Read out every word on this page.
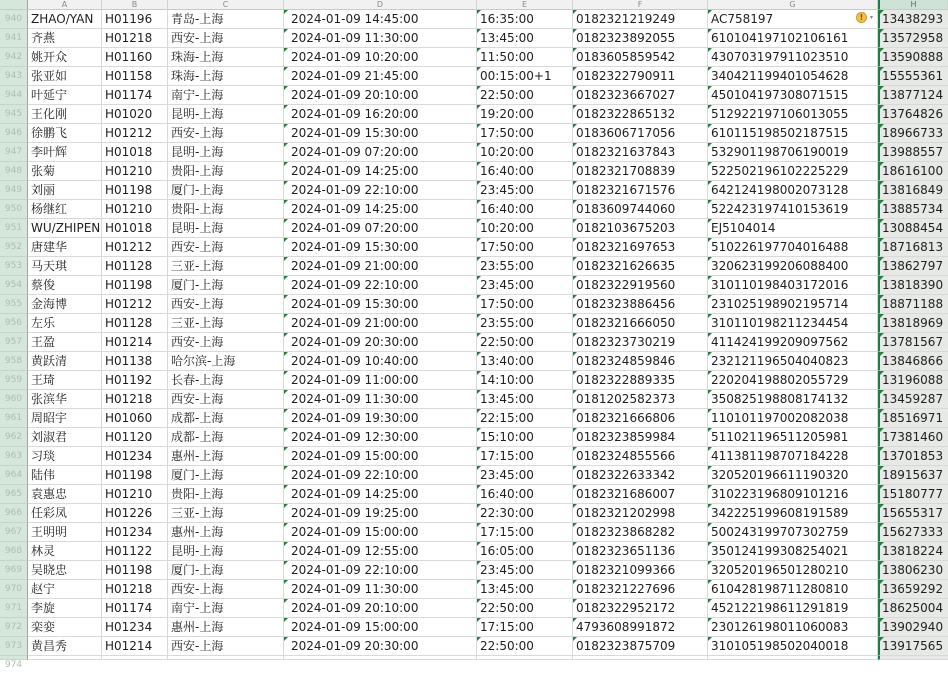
A	B	C	D	E	F	G	H
940 ZHAO/YAN H01196	青岛-上海	2024-01-09 14:45:00	16:35:00	0182321219249	AC758197	!	▾ 13438293
941 齐燕	H01218	西安-上海	2024-01-09 11:30:00	13:45:00	0182323892055	610104197102106161	13572958
942 姚开众	H01160	珠海-上海	2024-01-09 10:20:00	11:50:00	0183605859542	430703197911023510	13590888
943 张亚如	H01158	珠海-上海	2024-01-09 21:45:00	00:15:00+1	0182322790911	340421199401054628	15555361
944 叶延宁	H01174	南宁-上海	2024-01-09 20:10:00	22:50:00	0182323667027	450104197308071515	13877124
945 王化刚	H01020	昆明-上海	2024-01-09 16:20:00	19:20:00	0182322865132	512922197106013055	13764826
946 徐鹏飞	H01212	西安-上海	2024-01-09 15:30:00	17:50:00	0183606717056	610115198502187515	18966733
947 李叶辉	H01018	昆明-上海	2024-01-09 07:20:00	10:20:00	0182321637843	532901198706190019	13988557
948 张菊	H01210	贵阳-上海	2024-01-09 14:25:00	16:40:00	0182321708839	522502196102225229	18616100
949 刘丽	H01198	厦门-上海	2024-01-09 22:10:00	23:45:00	0182321671576	642124198002073128	13816849
950 杨继红	H01210	贵阳-上海	2024-01-09 14:25:00	16:40:00	0183609744060	522423197410153619	13885734
951 WU/ZHIPEN H01018	昆明-上海	2024-01-09 07:20:00	10:20:00	0182103675203	EJ5104014	13088454
952 唐建华	H01212	西安-上海	2024-01-09 15:30:00	17:50:00	0182321697653	510226197704016488	18716813
953 马天琪	H01128	三亚-上海	2024-01-09 21:00:00	23:55:00	0182321626635	320623199206088400	13862797
954 蔡俊	H01198	厦门-上海	2024-01-09 22:10:00	23:45:00	0182322919560	310110198403172016	13818390
955 金海博	H01212	西安-上海	2024-01-09 15:30:00	17:50:00	0182323886456	231025198902195714	18871188
956 左乐	H01128	三亚-上海	2024-01-09 21:00:00	23:55:00	0182321666050	310110198211234454	13818969
957 王盈	H01214	西安-上海	2024-01-09 20:30:00	22:50:00	0182323730219	411424199209097562	13781567
958 黄跃清	H01138	哈尔滨-上海	2024-01-09 10:40:00	13:40:00	0182324859846	232121196504040823	13846866
959 王琦	H01192	长春-上海	2024-01-09 11:00:00	14:10:00	0182322889335	220204198802055729	13196088
960 张滨华	H01218	西安-上海	2024-01-09 11:30:00	13:45:00	0181202582373	350825198808174132	13459287
961 周昭宇	H01060	成都-上海	2024-01-09 19:30:00	22:15:00	0182321666806	110101197002082038	18516971
962 刘淑君	H01120	成都-上海	2024-01-09 12:30:00	15:10:00	0182323859984	511021196511205981	17381460
963 习琰	H01234	惠州-上海	2024-01-09 15:00:00	17:15:00	0182324855566	411381198707184228	13701853
964 陆伟	H01198	厦门-上海	2024-01-09 22:10:00	23:45:00	0182322633342	320520196611190320	18915637
965 袁惠忠	H01210	贵阳-上海	2024-01-09 14:25:00	16:40:00	0182321686007	310223196809101216	15180777
966 任彩凤	H01226	三亚-上海	2024-01-09 19:25:00	22:30:00	0182321202998	342225199608191589	15655317
967 王明明	H01234	惠州-上海	2024-01-09 15:00:00	17:15:00	0182323868282	500243199707302759	15627333
968 林灵	H01122	昆明-上海	2024-01-09 12:55:00	16:05:00	0182323651136	350124199308254021	13818224
969 吴晓忠	H01198	厦门-上海	2024-01-09 22:10:00	23:45:00	0182321099366	320520196501280210	13806230
970 赵宁	H01218	西安-上海	2024-01-09 11:30:00	13:45:00	0182321227696	610428198711280810	13659292
971 李旋	H01174	南宁-上海	2024-01-09 20:10:00	22:50:00	0182322952172	452122198611291819	18625004
972 栾娈	H01234	惠州-上海	2024-01-09 15:00:00	17:15:00	4793608991872	230126198011060083	13902940
973 黄昌秀	H01214	西安-上海	2024-01-09 20:30:00	22:50:00	0182323875709	310105198502040018	13917565
974
